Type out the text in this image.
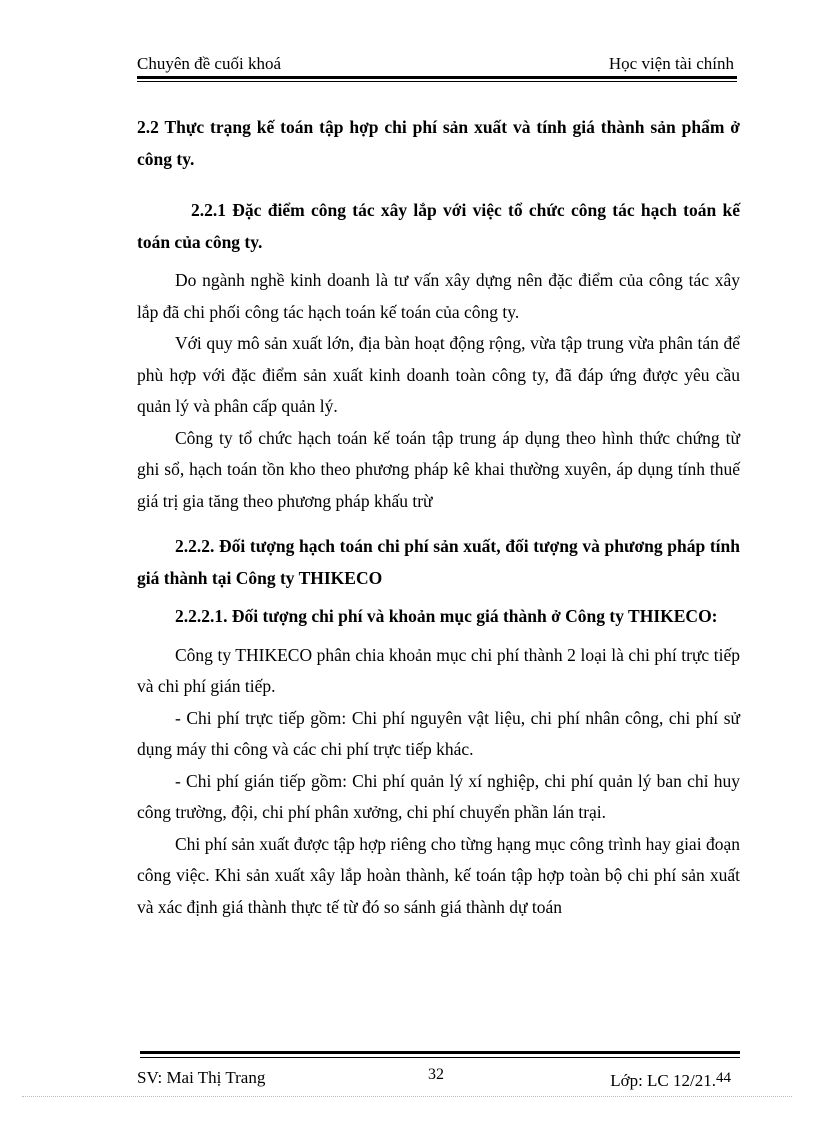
Chuyên đề cuối khoá	Học viện tài chính

2.2 Thực trạng kế toán tập hợp chi phí sản xuất và tính giá thành sản phẩm ở công ty.

2.2.1 Đặc điểm công tác xây lắp với việc tổ chức công tác hạch toán kế toán của công ty.

Do ngành nghề kinh doanh là tư vấn xây dựng nên đặc điểm của công tác xây lắp đã chi phối công tác hạch toán kế toán của công ty.

Với quy mô sản xuất lớn, địa bàn hoạt động rộng, vừa tập trung vừa phân tán để phù hợp với đặc điểm sản xuất kinh doanh toàn công ty, đã đáp ứng được yêu cầu quản lý và phân cấp quản lý.

Công ty tổ chức hạch toán kế toán tập trung áp dụng theo hình thức chứng từ ghi sổ, hạch toán tồn kho theo phương pháp kê khai thường xuyên, áp dụng tính thuế giá trị gia tăng theo phương pháp khấu trừ

2.2.2. Đối tượng hạch toán chi phí sản xuất, đối tượng và phương pháp tính giá thành tại Công ty THIKECO

2.2.2.1. Đối tượng chi phí và khoản mục giá thành ở Công ty THIKECO:

Công ty THIKECO phân chia khoản mục chi phí thành 2 loại là chi phí trực tiếp và chi phí gián tiếp.

- Chi phí trực tiếp gồm: Chi phí nguyên vật liệu, chi phí nhân công, chi phí sử dụng máy thi công và các chi phí trực tiếp khác.

- Chi phí gián tiếp gồm: Chi phí quản lý xí nghiệp, chi phí quản lý ban chỉ huy công trường, đội, chi phí phân xưởng, chi phí chuyển phần lán trại.

Chi phí sản xuất được tập hợp riêng cho từng hạng mục công trình hay giai đoạn công việc. Khi sản xuất xây lắp hoàn thành, kế toán tập hợp toàn bộ chi phí sản xuất và xác định giá thành thực tế từ đó so sánh giá thành dự toán

SV: Mai Thị Trang	32	Lớp: LC 12/21.44
